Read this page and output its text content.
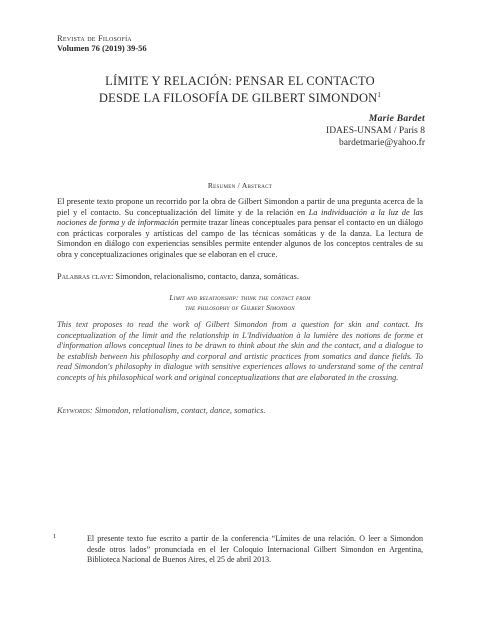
Revista de Filosofía
Volumen 76 (2019) 39-56
LÍMITE Y RELACIÓN: PENSAR EL CONTACTO
DESDE LA FILOSOFÍA DE GILBERT SIMONDON$^1$
Marie Bardet
IDAES-UNSAM / Paris 8
bardetmarie@yahoo.fr
Resumen / Abstract
El presente texto propone un recorrido por la obra de Gilbert Simondon a partir de una pregunta acerca de la piel y el contacto. Su conceptualización del límite y de la relación en La individuación a la luz de las nociones de forma y de información permite trazar líneas conceptuales para pensar el contacto en un diálogo con prácticas corporales y artísticas del campo de las técnicas somáticas y de la danza. La lectura de Simondon en diálogo con experiencias sensibles permite entender algunos de los conceptos centrales de su obra y conceptualizaciones originales que se elaboran en el cruce.
Palabras clave: Simondon, relacionalismo, contacto, danza, somáticas.
Limit and relationship: think the contact from
the philosophy of Gilbert Simondon
This text proposes to read the work of Gilbert Simondon from a question for skin and contact. Its conceptualization of the limit and the relationship in L'Individuation à la lumière des notions de forme et d'information allows conceptual lines to be drawn to think about the skin and the contact, and a dialogue to be establish between his philosophy and corporal and artistic practices from somatics and dance fields. To read Simondon's philosophy in dialogue with sensitive experiences allows to understand some of the central concepts of his philosophical work and original conceptualizations that are elaborated in the crossing.
Keywords: Simondon, relationalism, contact, dance, somatics.
1	El presente texto fue escrito a partir de la conferencia “Límites de una relación. O leer a Simondon desde otros lados” pronunciada en el Ier Coloquio Internacional Gilbert Simondon en Argentina, Biblioteca Nacional de Buenos Aires, el 25 de abril 2013.
